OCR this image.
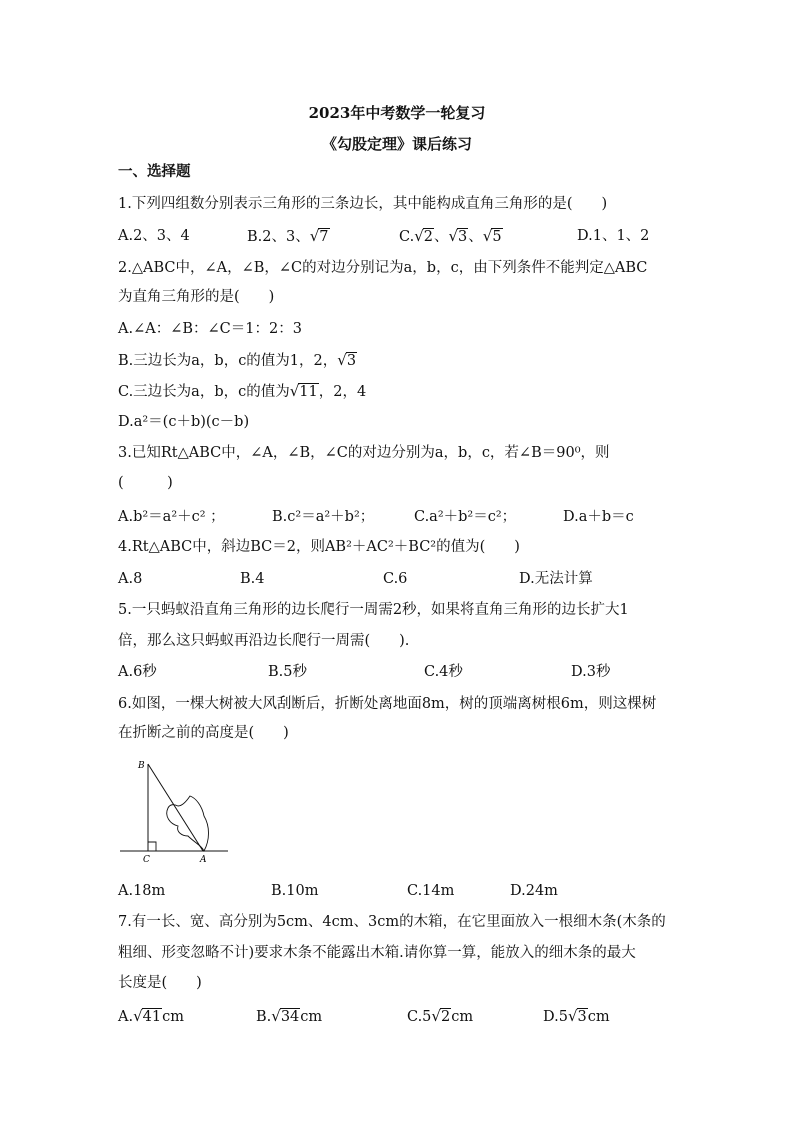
2023年中考数学一轮复习
《勾股定理》课后练习
一、选择题
1.下列四组数分别表示三角形的三条边长，其中能构成直角三角形的是(　　)
A.2、3、4	B.2、3、√7	C.√2、√3、√5	D.1、1、2
2.△ABC中，∠A，∠B，∠C的对边分别记为a，b，c，由下列条件不能判定△ABC
为直角三角形的是(　　)
A.∠A：∠B：∠C＝1：2：3
B.三边长为a，b，c的值为1，2，√3
C.三边长为a，b，c的值为√11，2，4
D.a²＝(c＋b)(c－b)
3.已知Rt△ABC中，∠A，∠B，∠C的对边分别为a，b，c，若∠B＝90⁰，则
(　　　)
A.b²＝a²＋c² ；	B.c²＝a²＋b²；	C.a²＋b²＝c²；	D.a＋b＝c
4.Rt△ABC中，斜边BC＝2，则AB²＋AC²＋BC²的值为(　　)
A.8	B.4	C.6	D.无法计算
5.一只蚂蚁沿直角三角形的边长爬行一周需2秒，如果将直角三角形的边长扩大1
倍，那么这只蚂蚁再沿边长爬行一周需(　　).
A.6秒	B.5秒	C.4秒	D.3秒
6.如图，一棵大树被大风刮断后，折断处离地面8m，树的顶端离树根6m，则这棵树
在折断之前的高度是(　　)
B
C	A
A.18m	B.10m	C.14m	D.24m
7.有一长、宽、高分别为5cm、4cm、3cm的木箱，在它里面放入一根细木条(木条的
粗细、形变忽略不计)要求木条不能露出木箱.请你算一算，能放入的细木条的最大
长度是(　　)
A.√41cm	B.√34cm	C.5√2cm	D.5√3cm
